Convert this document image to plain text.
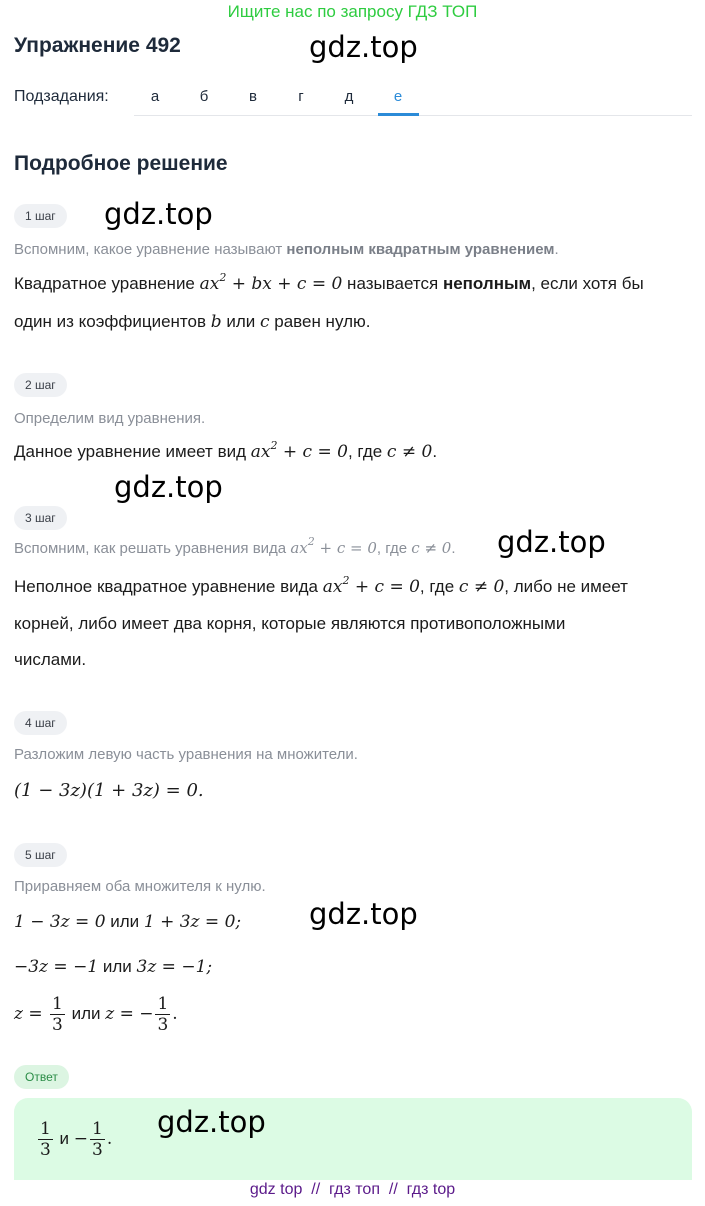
Ищите нас по запросу ГДЗ ТОП
Упражнение 492	gdz.top
Подзадания:	а	б	в	г	д	е
Подробное решение
1 шаг	gdz.top
Вспомним, какое уравнение называют неполным квадратным уравнением.
Квадратное уравнение $ax^2$ + bx + c = 0 называется неполным, если хотя бы
один из коэффициентов b или c равен нулю.
2 шаг
Определим вид уравнения.
Данное уравнение имеет вид $ax^2 + c = 0$, где c ≠ 0.
gdz.top
3 шаг
Вспомним, как решать уравнения вида $ax^2 + c = 0$, где c ≠ 0. gdz.top
Неполное квадратное уравнение вида $ax^2 + c = 0$, где c ≠ 0, либо не имеет
корней, либо имеет два корня, которые являются противоположными
числами.
4 шаг
Разложим левую часть уравнения на множители.
(1 − 3z)(1 + 3z) = 0.
5 шаг
Приравняем оба множителя к нулю.
1 − 3z = 0 или 1 + 3z = 0; gdz.top
−3z = −1 или 3z = −1;
$z = \frac{1}{3}$ или z = − $\frac{1}{3}$ .
Ответ
$\frac{1}{3}$ $и - \frac{1}{3}$ . gdz.top
gdz top  //  гдз топ  //  гдз top
